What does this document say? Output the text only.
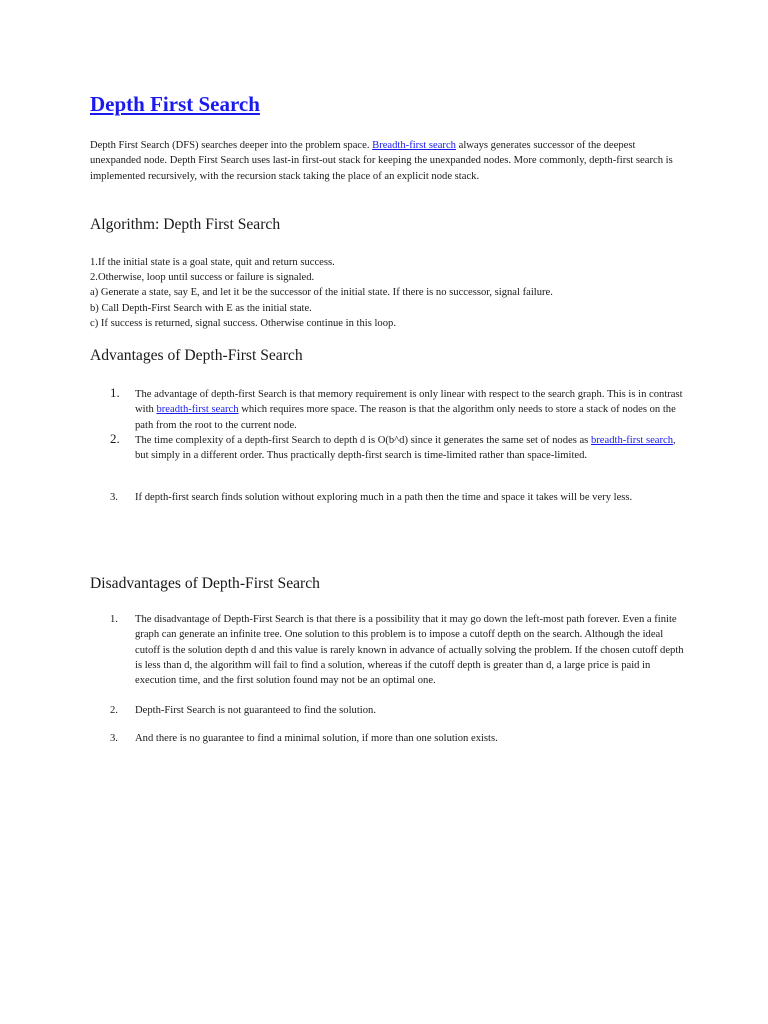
Depth First Search

Depth First Search (DFS) searches deeper into the problem space. Breadth-first search always generates successor of the deepest unexpanded node. Depth First Search uses last-in first-out stack for keeping the unexpanded nodes. More commonly, depth-first search is implemented recursively, with the recursion stack taking the place of an explicit node stack.

Algorithm: Depth First Search
1.If the initial state is a goal state, quit and return success.
2.Otherwise, loop until success or failure is signaled.
a) Generate a state, say E, and let it be the successor of the initial state. If there is no successor, signal failure.
b) Call Depth-First Search with E as the initial state.
c) If success is returned, signal success. Otherwise continue in this loop.
Advantages of Depth-First Search
1.	The advantage of depth-first Search is that memory requirement is only linear with respect to the search graph. This is in contrast with breadth-first search which requires more space. The reason is that the algorithm only needs to store a stack of nodes on the path from the root to the current node.
2.	The time complexity of a depth-first Search to depth d is O(b^d) since it generates the same set of nodes as breadth-first search, but simply in a different order. Thus practically depth-first search is time-limited rather than space-limited.
3.	If depth-first search finds solution without exploring much in a path then the time and space it takes will be very less.
Disadvantages of Depth-First Search
1.	The disadvantage of Depth-First Search is that there is a possibility that it may go down the left-most path forever. Even a finite graph can generate an infinite tree. One solution to this problem is to impose a cutoff depth on the search. Although the ideal cutoff is the solution depth d and this value is rarely known in advance of actually solving the problem. If the chosen cutoff depth is less than d, the algorithm will fail to find a solution, whereas if the cutoff depth is greater than d, a large price is paid in execution time, and the first solution found may not be an optimal one.
2.	Depth-First Search is not guaranteed to find the solution.
3.	And there is no guarantee to find a minimal solution, if more than one solution exists.
